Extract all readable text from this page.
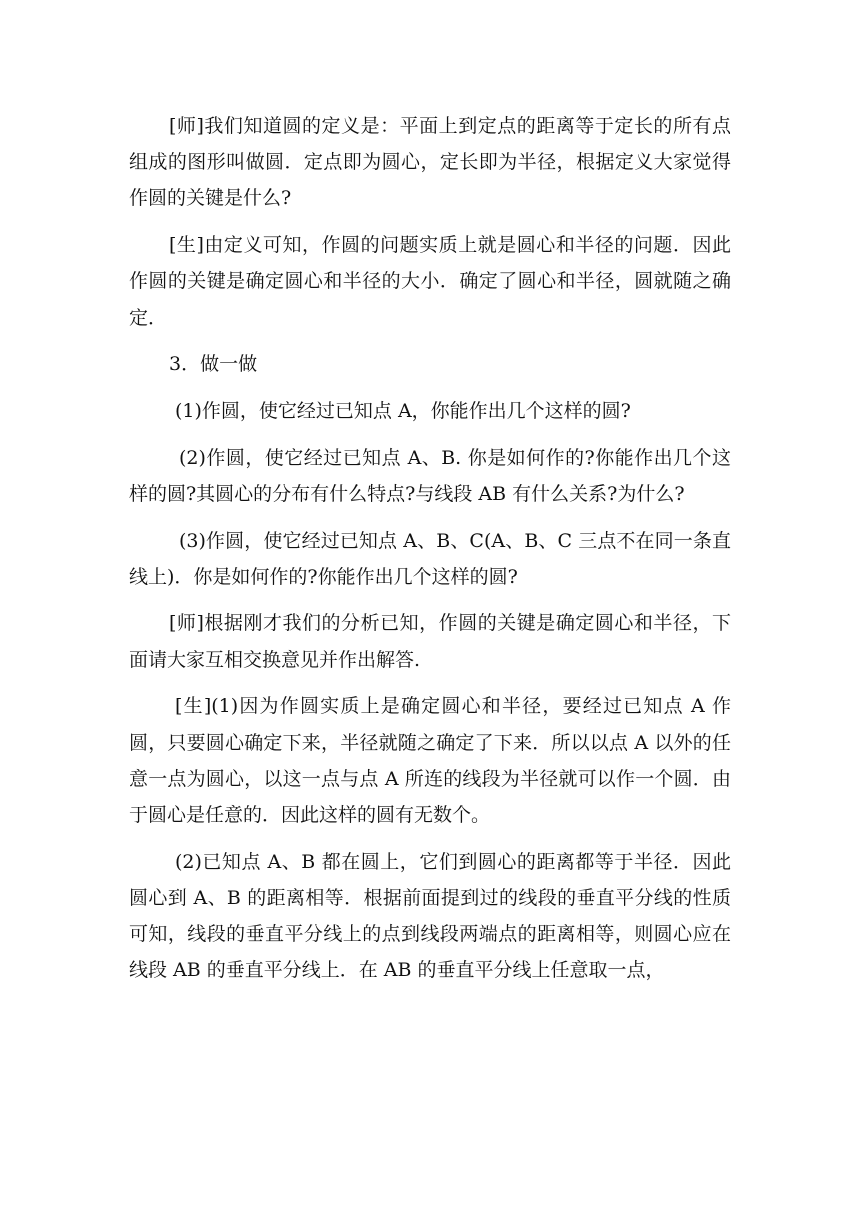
[师]我们知道圆的定义是：平面上到定点的距离等于定长的所有点组成的图形叫做圆．定点即为圆心，定长即为半径，根据定义大家觉得作圆的关键是什么?

[生]由定义可知，作圆的问题实质上就是圆心和半径的问题．因此作圆的关键是确定圆心和半径的大小．确定了圆心和半径，圆就随之确定．

3．做一做

(1)作圆，使它经过已知点 A，你能作出几个这样的圆?

(2)作圆，使它经过已知点 A、B. 你是如何作的?你能作出几个这样的圆?其圆心的分布有什么特点?与线段 AB 有什么关系?为什么?

(3)作圆，使它经过已知点 A、B、C(A、B、C 三点不在同一条直线上)．你是如何作的?你能作出几个这样的圆?

[师]根据刚才我们的分析已知，作圆的关键是确定圆心和半径，下面请大家互相交换意见并作出解答.

[生](1)因为作圆实质上是确定圆心和半径，要经过已知点 A 作圆，只要圆心确定下来，半径就随之确定了下来．所以以点 A 以外的任意一点为圆心，以这一点与点 A 所连的线段为半径就可以作一个圆．由于圆心是任意的．因此这样的圆有无数个。

(2)已知点 A、B 都在圆上，它们到圆心的距离都等于半径．因此圆心到 A、B 的距离相等．根据前面提到过的线段的垂直平分线的性质可知，线段的垂直平分线上的点到线段两端点的距离相等，则圆心应在线段 AB 的垂直平分线上．在 AB 的垂直平分线上任意取一点，
